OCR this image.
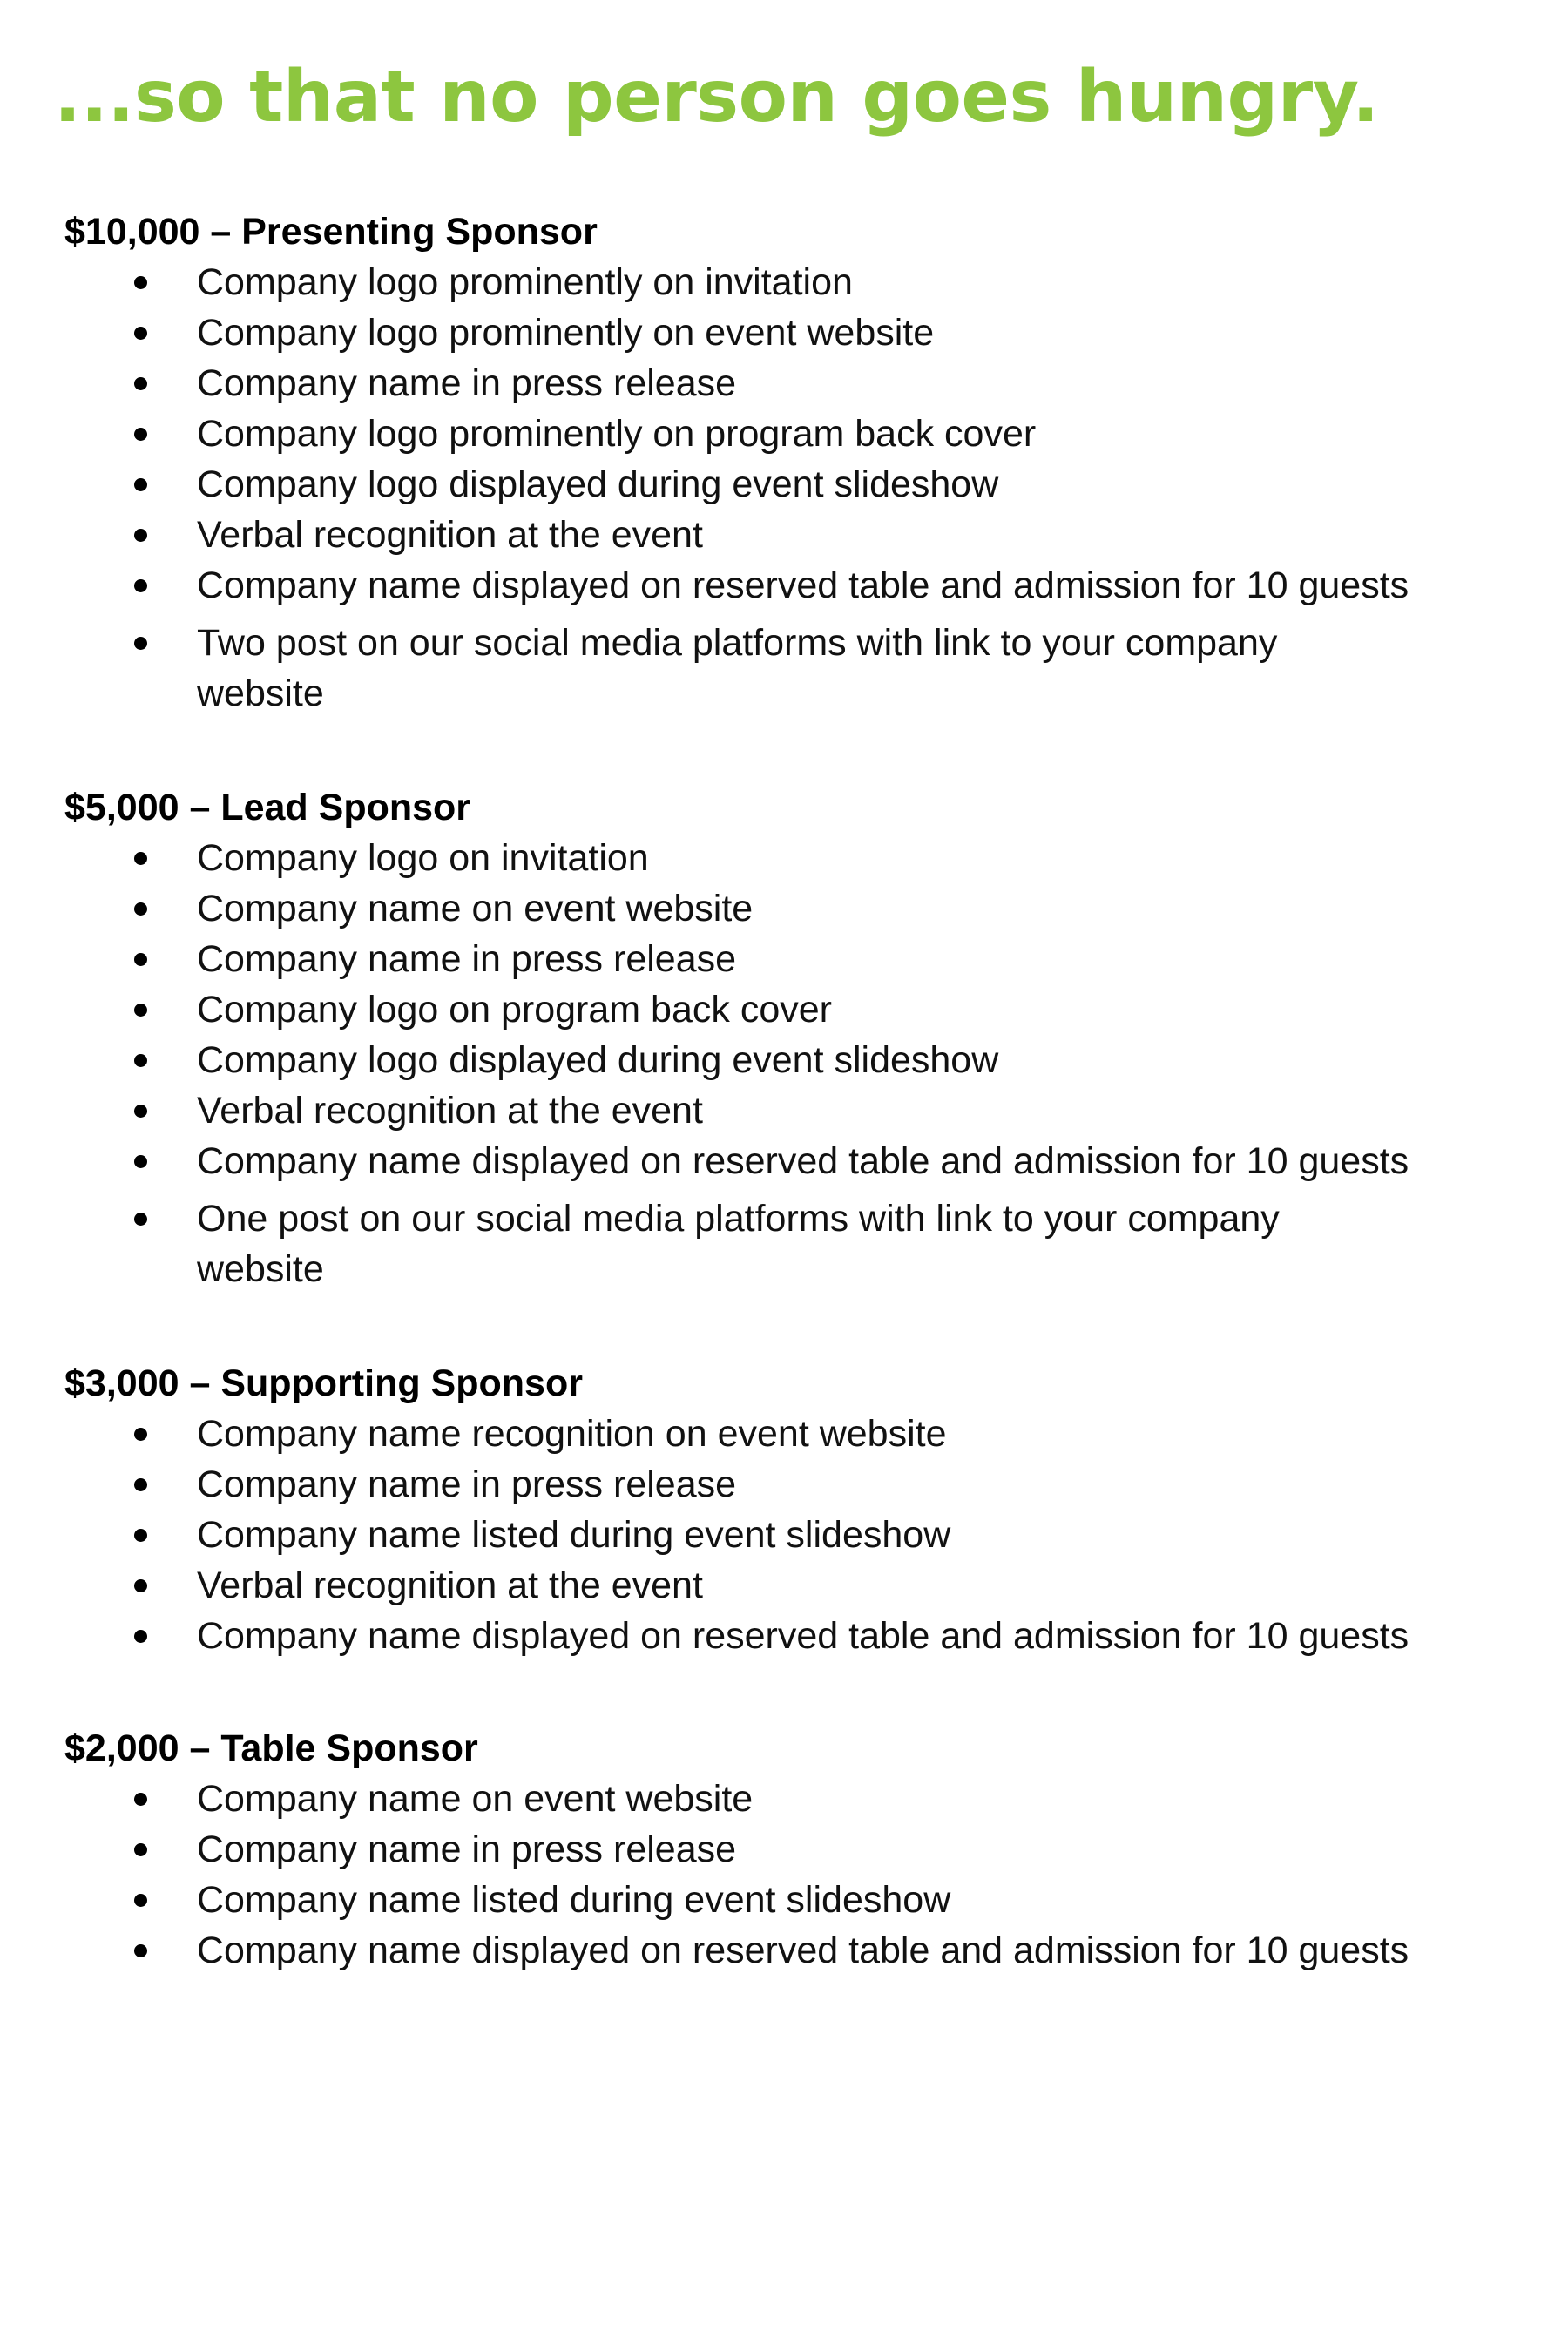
...so that no person goes hungry.
$10,000 – Presenting Sponsor
Company logo prominently on invitation
Company logo prominently on event website
Company name in press release
Company logo prominently on program back cover
Company logo displayed during event slideshow
Verbal recognition at the event
Company name displayed on reserved table and admission for 10 guests
Two post on our social media platforms with link to your company website
$5,000 – Lead Sponsor
Company logo on invitation
Company name on event website
Company name in press release
Company logo on program back cover
Company logo displayed during event slideshow
Verbal recognition at the event
Company name displayed on reserved table and admission for 10 guests
One post on our social media platforms with link to your company website
$3,000 – Supporting Sponsor
Company name recognition on event website
Company name in press release
Company name listed during event slideshow
Verbal recognition at the event
Company name displayed on reserved table and admission for 10 guests
$2,000 – Table Sponsor
Company name on event website
Company name in press release
Company name listed during event slideshow
Company name displayed on reserved table and admission for 10 guests
